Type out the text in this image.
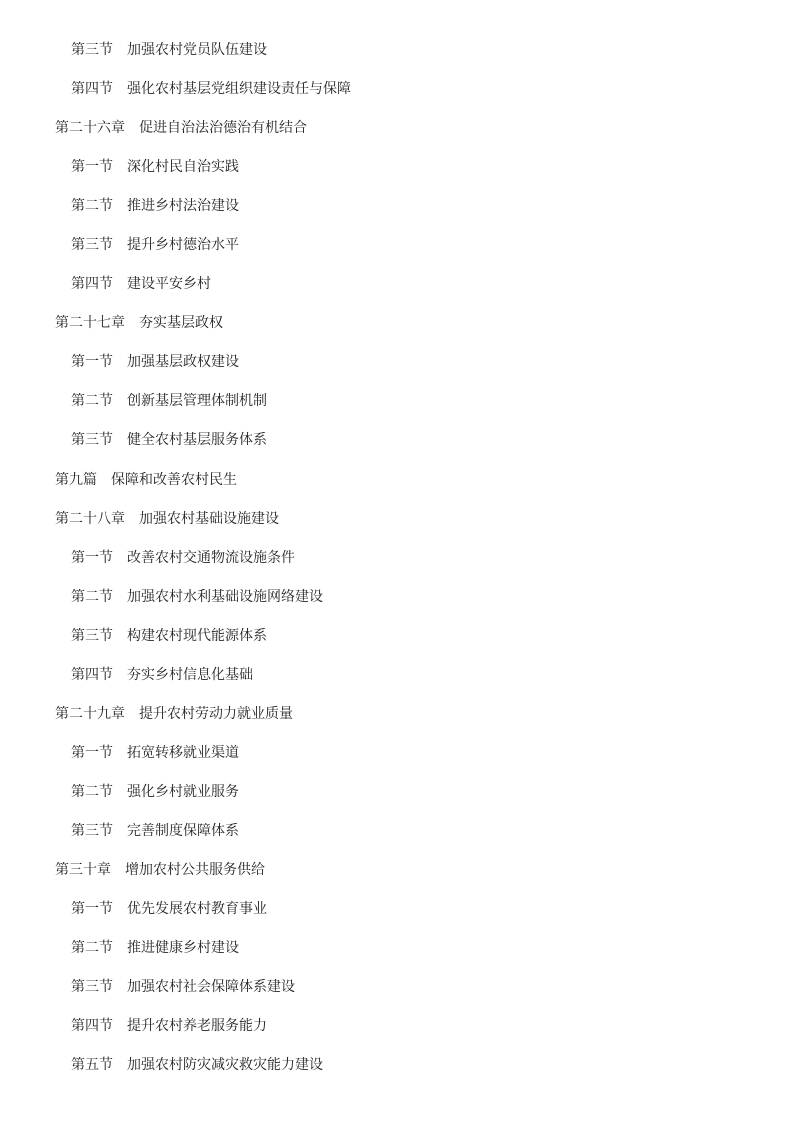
第三节 加强农村党员队伍建设
第四节 强化农村基层党组织建设责任与保障
第二十六章 促进自治法治德治有机结合
第一节 深化村民自治实践
第二节 推进乡村法治建设
第三节 提升乡村德治水平
第四节 建设平安乡村
第二十七章 夯实基层政权
第一节 加强基层政权建设
第二节 创新基层管理体制机制
第三节 健全农村基层服务体系
第九篇 保障和改善农村民生
第二十八章 加强农村基础设施建设
第一节 改善农村交通物流设施条件
第二节 加强农村水利基础设施网络建设
第三节 构建农村现代能源体系
第四节 夯实乡村信息化基础
第二十九章 提升农村劳动力就业质量
第一节 拓宽转移就业渠道
第二节 强化乡村就业服务
第三节 完善制度保障体系
第三十章 增加农村公共服务供给
第一节 优先发展农村教育事业
第二节 推进健康乡村建设
第三节 加强农村社会保障体系建设
第四节 提升农村养老服务能力
第五节 加强农村防灾减灾救灾能力建设
